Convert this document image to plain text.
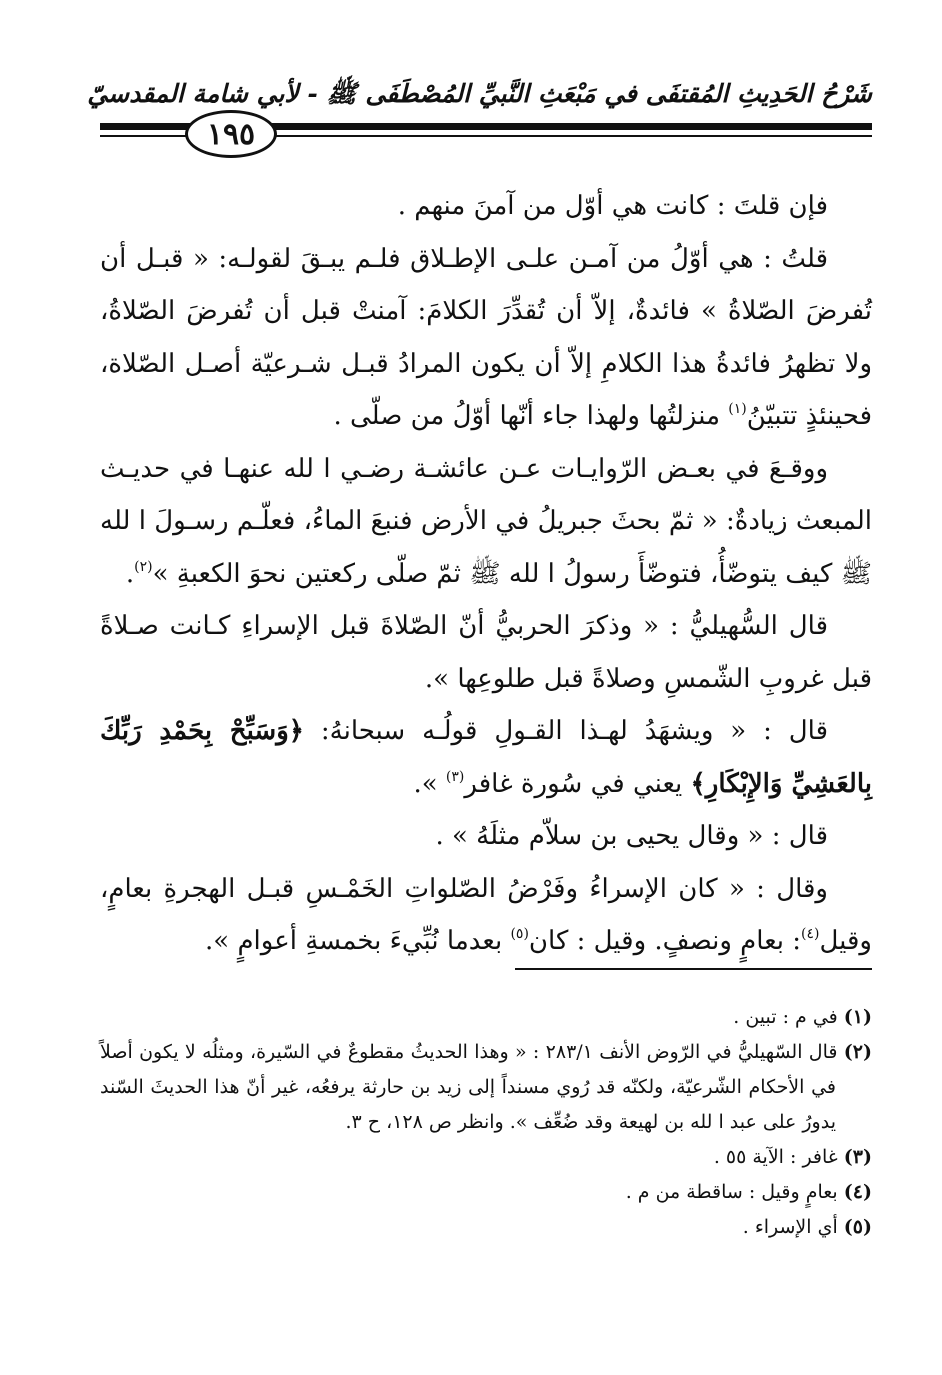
شَرْحُ الحَدِيثِ المُقتفَى في مَبْعَثِ النَّبيِّ المُصْطَفَى ﷺ - لأبي شامة المقدسيّ
١٩٥

فإن قلتَ : كانت هي أوّل من آمنَ منهم .

قلتُ : هي أوّلُ من آمـن علـى الإطـلاق فلـم يبـقَ لقولـه: « قبـل أن تُفرضَ الصّلاةُ » فائدةٌ، إلاّ أن تُقدِّرَ الكلامَ: آمنتْ قبل أن تُفرضَ الصّلاةُ، ولا تظهرُ فائدةُ هذا الكلامِ إلاّ أن يكون المرادُ قبـل شـرعيّة أصـل الصّلاة، فحينئذٍ تتبيّنُ$^{(١)}$ منزلتُها ولهذا جاء أنّها أوّلُ من صلّى .

ووقـعَ في بعـض الرّوايـات عـن عائشـة رضـي ا لله عنهـا في حديـث المبعث زيادةٌ: « ثمّ بحثَ جبريلُ في الأرض فنبعَ الماءُ، فعلّـم رسـولَ ا لله ﷺ كيف يتوضّأُ، فتوضّأَ رسولُ ا لله ﷺ ثمّ صلّى ركعتين نحوَ الكعبةِ »$^{(٢)}$.

قال السُّهيليُّ : « وذكرَ الحربيُّ أنّ الصّلاةَ قبل الإسراءِ كـانت صـلاةً قبل غروبِ الشّمسِ وصلاةً قبل طلوعِها ».

قال : « ويشهَدُ لهـذا القـولِ قولُـه سبحانهُ: ﴿وَسَبِّحْ بِحَمْدِ رَبِّكَ بِالعَشِيِّ وَالإِبْكَارِ﴾ يعني في سُورة غافر$^{(٣)}$ ».

قال : « وقال يحيى بن سلاّم مثلَهُ » .

وقال : « كان الإسراءُ وفَرْضُ الصّلواتِ الخَمْـسِ قبـل الهجرةِ بعامٍ، وقيل$^{(٤)}$: بعامٍ ونصفٍ. وقيل : كان$^{(٥)}$ بعدما نُبِّيءَ بخمسةِ أعوامٍ ».

(١) في م : تبين .

(٢) قال السّهيليُّ في الرّوض الأنف ٢٨٣/١ : « وهذا الحديثُ مقطوعٌ في السّيرة، ومثلُه لا يكون أصلاً في الأحكام الشّرعيّة، ولكنّه قد رُوي مسنداً إلى زيد بن حارثة يرفعُه، غير أنّ هذا الحديثَ السّند يدورُ على عبد ا لله بن لهيعة وقد ضُعِّف ». وانظر ص ١٢٨، ح ٣.

(٣) غافر : الآية ٥٥ .

(٤) بعامٍ وقيل : ساقطة من م .

(٥) أي الإسراء .
